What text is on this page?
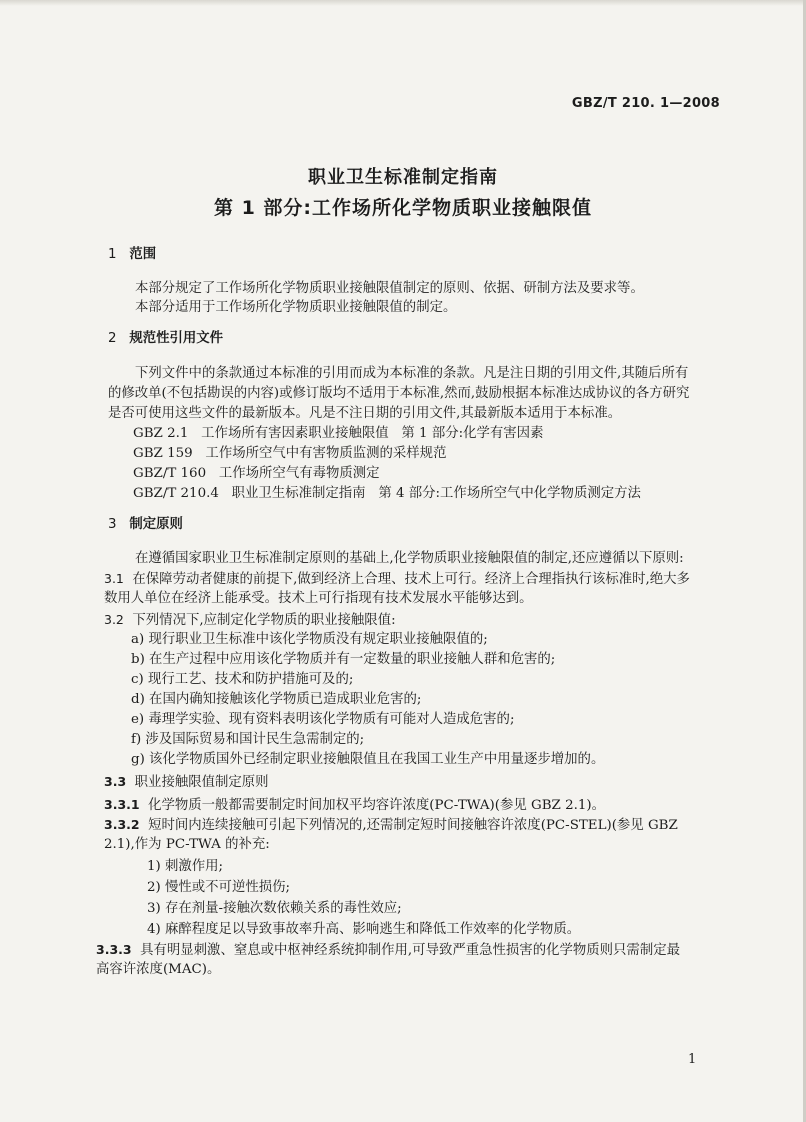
GBZ/T 210. 1—2008
职业卫生标准制定指南
第 1 部分:工作场所化学物质职业接触限值
1 范围
本部分规定了工作场所化学物质职业接触限值制定的原则、依据、研制方法及要求等。
本部分适用于工作场所化学物质职业接触限值的制定。
2 规范性引用文件
下列文件中的条款通过本标准的引用而成为本标准的条款。凡是注日期的引用文件,其随后所有
的修改单(不包括勘误的内容)或修订版均不适用于本标准,然而,鼓励根据本标准达成协议的各方研究
是否可使用这些文件的最新版本。凡是不注日期的引用文件,其最新版本适用于本标准。
GBZ 2.1   工作场所有害因素职业接触限值   第 1 部分:化学有害因素
GBZ 159   工作场所空气中有害物质监测的采样规范
GBZ/T 160   工作场所空气有毒物质测定
GBZ/T 210.4   职业卫生标准制定指南   第 4 部分:工作场所空气中化学物质测定方法
3 制定原则
在遵循国家职业卫生标准制定原则的基础上,化学物质职业接触限值的制定,还应遵循以下原则:
3.1 在保障劳动者健康的前提下,做到经济上合理、技术上可行。经济上合理指执行该标准时,绝大多
数用人单位在经济上能承受。技术上可行指现有技术发展水平能够达到。
3.2 下列情况下,应制定化学物质的职业接触限值:
a) 现行职业卫生标准中该化学物质没有规定职业接触限值的;
b) 在生产过程中应用该化学物质并有一定数量的职业接触人群和危害的;
c) 现行工艺、技术和防护措施可及的;
d) 在国内确知接触该化学物质已造成职业危害的;
e) 毒理学实验、现有资料表明该化学物质有可能对人造成危害的;
f) 涉及国际贸易和国计民生急需制定的;
g) 该化学物质国外已经制定职业接触限值且在我国工业生产中用量逐步增加的。
3.3 职业接触限值制定原则
3.3.1 化学物质一般都需要制定时间加权平均容许浓度(PC-TWA)(参见 GBZ 2.1)。
3.3.2 短时间内连续接触可引起下列情况的,还需制定短时间接触容许浓度(PC-STEL)(参见 GBZ
2.1),作为 PC-TWA 的补充:
1) 刺激作用;
2) 慢性或不可逆性损伤;
3) 存在剂量-接触次数依赖关系的毒性效应;
4) 麻醉程度足以导致事故率升高、影响逃生和降低工作效率的化学物质。
3.3.3 具有明显刺激、窒息或中枢神经系统抑制作用,可导致严重急性损害的化学物质则只需制定最
高容许浓度(MAC)。
1
